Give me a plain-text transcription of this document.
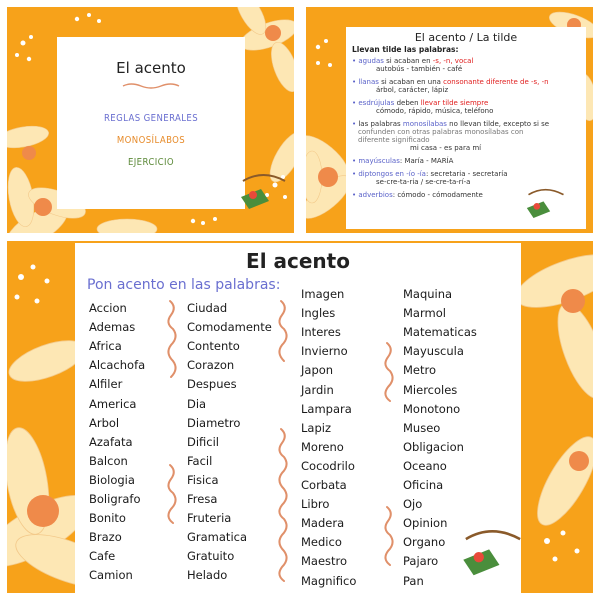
El acento
REGLAS GENERALES
MONOSÍLABOS
EJERCICIO
El acento / La tilde
Llevan tilde las palabras:
• agudas si acaban en -s, -n, vocal
autobús - también - café
• llanas si acaban en una consonante diferente de -s, -n
árbol, carácter, lápiz
• esdrújulas deben llevar tilde siempre
cómodo, rápido, música, teléfono
• las palabras monosílabas no llevan tilde, excepto si se
confunden con otras palabras monosílabas con
diferente significado
mi casa - es para mí
• mayúsculas: María - MARÍA
• diptongos en -ío -ía: secretaria - secretaría
se-cre-ta-ria / se-cre-ta-rí-a
• adverbios: cómodo - cómodamente
El acento
Pon acento en las palabras:
Accion
Ademas
Africa
Alcachofa
Alfiler
America
Arbol
Azafata
Balcon
Biologia
Boligrafo
Bonito
Brazo
Cafe
Camion
Ciudad
Comodamente
Contento
Corazon
Despues
Dia
Diametro
Dificil
Facil
Fisica
Fresa
Fruteria
Gramatica
Gratuito
Helado
Imagen
Ingles
Interes
Invierno
Japon
Jardin
Lampara
Lapiz
Moreno
Cocodrilo
Corbata
Libro
Madera
Medico
Maestro
Magnifico
Maquina
Marmol
Matematicas
Mayuscula
Metro
Miercoles
Monotono
Museo
Obligacion
Oceano
Oficina
Ojo
Opinion
Organo
Pajaro
Pan
